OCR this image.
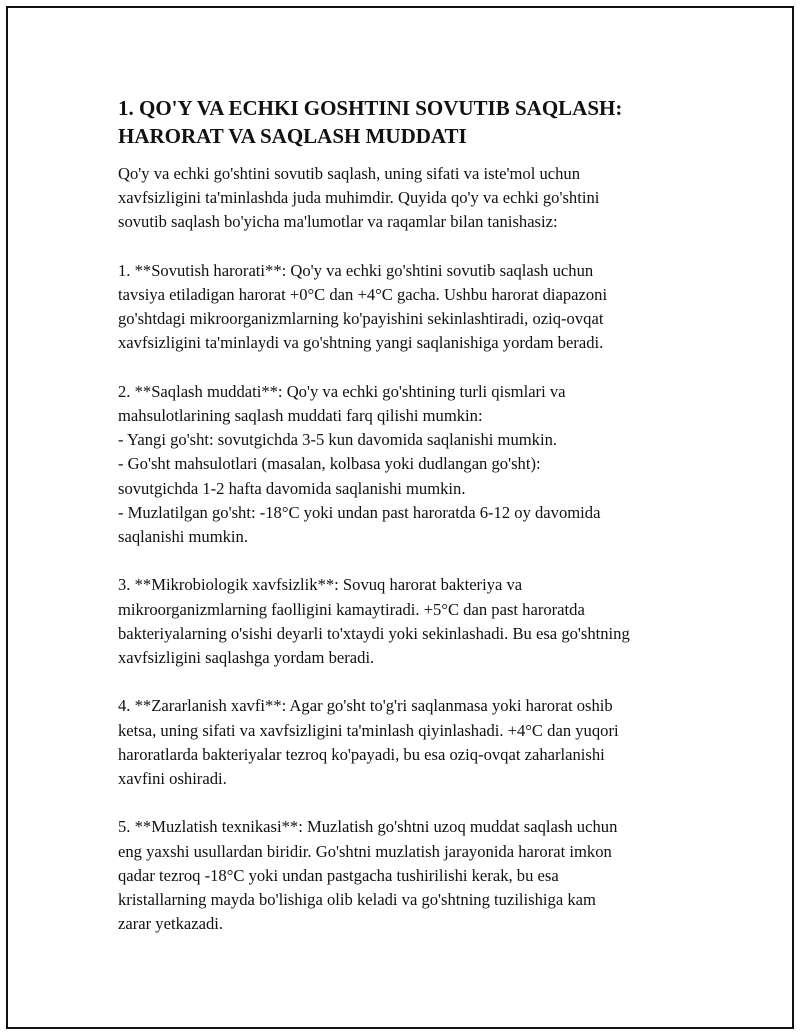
1. QO'Y VA ECHKI GOSHTINI SOVUTIB SAQLASH:
HARORAT VA SAQLASH MUDDATI

Qo'y va echki go'shtini sovutib saqlash, uning sifati va iste'mol uchun
xavfsizligini ta'minlashda juda muhimdir. Quyida qo'y va echki go'shtini
sovutib saqlash bo'yicha ma'lumotlar va raqamlar bilan tanishasiz:

1. **Sovutish harorati**: Qo'y va echki go'shtini sovutib saqlash uchun
tavsiya etiladigan harorat +0°C dan +4°C gacha. Ushbu harorat diapazoni
go'shtdagi mikroorganizmlarning ko'payishini sekinlashtiradi, oziq-ovqat
xavfsizligini ta'minlaydi va go'shtning yangi saqlanishiga yordam beradi.

2. **Saqlash muddati**: Qo'y va echki go'shtining turli qismlari va
mahsulotlarining saqlash muddati farq qilishi mumkin:
- Yangi go'sht: sovutgichda 3-5 kun davomida saqlanishi mumkin.
- Go'sht mahsulotlari (masalan, kolbasa yoki dudlangan go'sht):
sovutgichda 1-2 hafta davomida saqlanishi mumkin.
- Muzlatilgan go'sht: -18°C yoki undan past haroratda 6-12 oy davomida
saqlanishi mumkin.

3. **Mikrobiologik xavfsizlik**: Sovuq harorat bakteriya va
mikroorganizmlarning faolligini kamaytiradi. +5°C dan past haroratda
bakteriyalarning o'sishi deyarli to'xtaydi yoki sekinlashadi. Bu esa go'shtning
xavfsizligini saqlashga yordam beradi.

4. **Zararlanish xavfi**: Agar go'sht to'g'ri saqlanmasa yoki harorat oshib
ketsa, uning sifati va xavfsizligini ta'minlash qiyinlashadi. +4°C dan yuqori
haroratlarda bakteriyalar tezroq ko'payadi, bu esa oziq-ovqat zaharlanishi
xavfini oshiradi.

5. **Muzlatish texnikasi**: Muzlatish go'shtni uzoq muddat saqlash uchun
eng yaxshi usullardan biridir. Go'shtni muzlatish jarayonida harorat imkon
qadar tezroq -18°C yoki undan pastgacha tushirilishi kerak, bu esa
kristallarning mayda bo'lishiga olib keladi va go'shtning tuzilishiga kam
zarar yetkazadi.
